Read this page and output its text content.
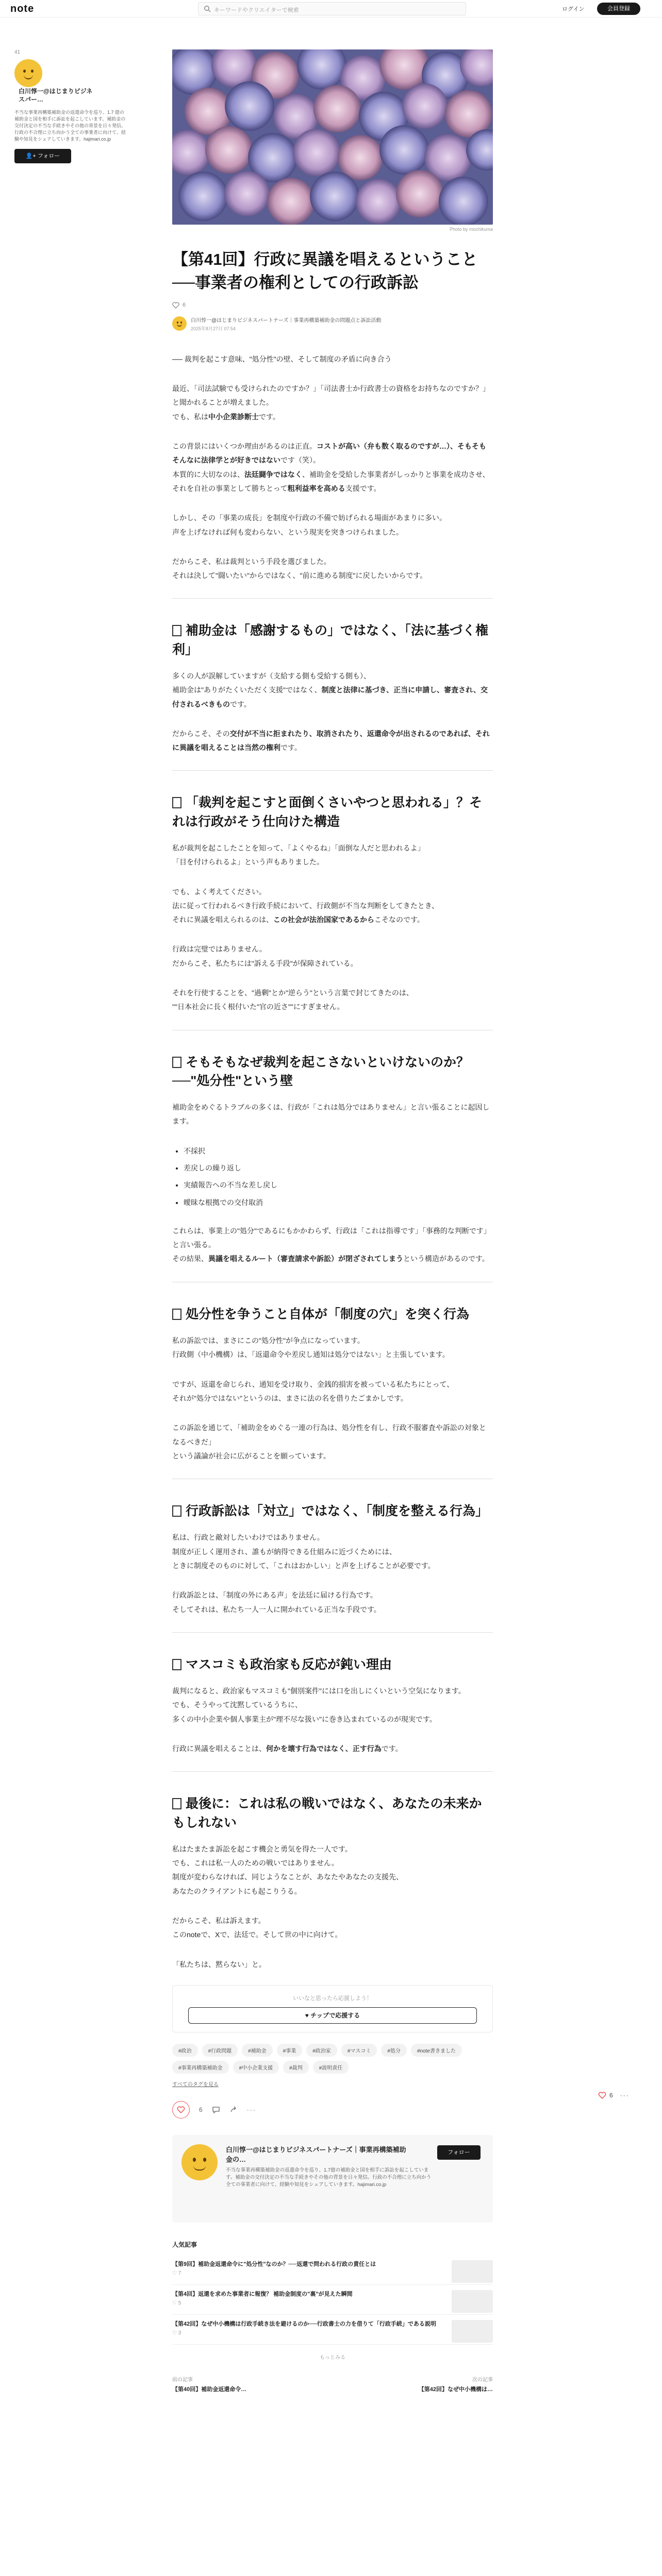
note	キーワードやクリエイターで検索	ログイン	会員登録
41
白川惇一@はじまりビジネスパー…
不当な事業再構築補助金の返還命令を巡り、1.7 億の補助金と国を相手に訴訟を起こしています。補助金の交付決定の不当な手続きやその他の背景を日々発信。行政の不合理に立ち向かう全ての事業者に向けて、経験や知見をシェアしていきます。hajimari.co.jp
👤+ フォロー
Photo by mochikuma
【第41回】行政に異議を唱えるということ──事業者の権利としての行政訴訟
6
白川惇一@はじまりビジネスパートナーズ｜事業再構築補助金の問題点と訴訟活動
2025年8月27日 07:54

── 裁判を起こす意味、"処分性"の壁、そして制度の矛盾に向き合う

最近、「司法試験でも受けられたのですか？」「司法書士か行政書士の資格をお持ちなのですか？」と聞かれることが増えました。
でも、私は中小企業診断士です。

この背景にはいくつか理由があるのは正直。コストが高い（弁も数く取るのですが…）、そもそもそんなに法律学とが好きではないです（笑）。
本質的に大切なのは、法廷闘争ではなく、補助金を受給した事業者がしっかりと事業を成功させ、
それを自社の事業として勝ちとって粗利益率を高める支援です。

しかし、その「事業の成長」を制度や行政の不備で妨げられる場面があまりに多い。
声を上げなければ何も変わらない、という現実を突きつけられました。

だからこそ、私は裁判という手段を選びました。
それは決して"闘いたい"からではなく、"前に進める制度"に戻したいからです。

補助金は「感謝するもの」ではなく、「法に基づく権利」

多くの人が誤解していますが（支給する側も受給する側も）、
補助金は"ありがたくいただく支援"ではなく、制度と法律に基づき、正当に申請し、審査され、交付されるべきものです。

だからこそ、その交付が不当に拒まれたり、取消されたり、返還命令が出されるのであれば、それに異議を唱えることは当然の権利です。

「裁判を起こすと面倒くさいやつと思われる」？それは行政がそう仕向けた構造

私が裁判を起こしたことを知って、「よくやるね」「面倒な人だと思われるよ」
「目を付けられるよ」という声もありました。

でも、よく考えてください。
法に従って行われるべき行政手続において、行政側が不当な判断をしてきたとき、
それに異議を唱えられるのは、この社会が法治国家であるからこそなのです。

行政は完璧ではありません。
だからこそ、私たちには"訴える手段"が保障されている。

それを行使することを、"過剰"とか"逆らう"という言葉で封じてきたのは、
""日本社会に長く根付いた"官の近さ""にすぎません。

そもそもなぜ裁判を起こさないといけないのか？──"処分性"という壁

補助金をめぐるトラブルの多くは、行政が「これは処分ではありません」と言い張ることに起因します。

• 不採択
• 差戻しの繰り返し
• 実績報告への不当な差し戻し
• 曖昧な根拠での交付取消

これらは、事業上の"処分"であるにもかかわらず、行政は「これは指導です」「事務的な判断です」と言い張る。
その結果、異議を唱えるルート（審査請求や訴訟）が閉ざされてしまうという構造があるのです。

処分性を争うこと自体が「制度の穴」を突く行為

私の訴訟では、まさにこの"処分性"が争点になっています。
行政側（中小機構）は、「返還命令や差戻し通知は処分ではない」と主張しています。

ですが、返還を命じられ、通知を受け取り、金銭的損害を被っている私たちにとって、
それが"処分ではない"というのは、まさに法の名を借りたごまかしです。

この訴訟を通じて、「補助金をめぐる一連の行為は、処分性を有し、行政不服審査や訴訟の対象となるべきだ」
という議論が社会に広がることを願っています。

行政訴訟は「対立」ではなく、「制度を整える行為」

私は、行政と敵対したいわけではありません。
制度が正しく運用され、誰もが納得できる仕組みに近づくためには、
ときに制度そのものに対して、「これはおかしい」と声を上げることが必要です。

行政訴訟とは、「制度の外にある声」を法廷に届ける行為です。
そしてそれは、私たち一人一人に開かれている正当な手段です。

マスコミも政治家も反応が鈍い理由

裁判になると、政治家もマスコミも"個別案件"には口を出しにくいという空気になります。
でも、そうやって沈黙しているうちに、
多くの中小企業や個人事業主が"理不尽な扱い"に巻き込まれているのが現実です。

行政に異議を唱えることは、何かを壊す行為ではなく、正す行為です。

最後に：これは私の戦いではなく、あなたの未来かもしれない

私はたまたま訴訟を起こす機会と勇気を得た一人です。
でも、これは私一人のための戦いではありません。
制度が変わらなければ、同じようなことが、あなたやあなたの支援先、
あなたのクライアントにも起こりうる。

だからこそ、私は訴えます。
このnoteで、Xで、法廷で。そして世の中に向けて。

「私たちは、黙らない」と。

いいなと思ったら応援しよう！
♥ チップで応援する
#政治	#行政問題	#補助金	#事業	#政治家	#マスコミ	#処分	#note書きました
#事業再構築補助金	#中小企業支援	#裁判	#説明責任
すべてのタグを見る
6	···
白川惇一@はじまりビジネスパートナーズ｜事業再構築補助金の…
不当な事業再構築補助金の返還命令を巡り、1.7億の補助金と国を相手に訴訟を起こしています。補助金の交付決定の不当な手続きやその他の背景を日々発信。行政の不合理に立ち向かう全ての事業者に向けて、経験や知見をシェアしていきます。hajimari.co.jp
フォロー
人気記事
【第9回】補助金返還命令に"処分性"なのか？──返還で問われる行政の責任とは
♡ 7
【第4回】返還を求めた事業者に報復？ 補助金制度の"裏"が見えた瞬間
♡ 5
【第42回】なぜ中小機構は行政手続き法を避けるのか──行政書士の力を借りて「行政手続」である説明
♡ 3
もっとみる
前の記事
【第40回】補助金返還命令…
次の記事
【第42回】なぜ中小機構は…
6 ···
